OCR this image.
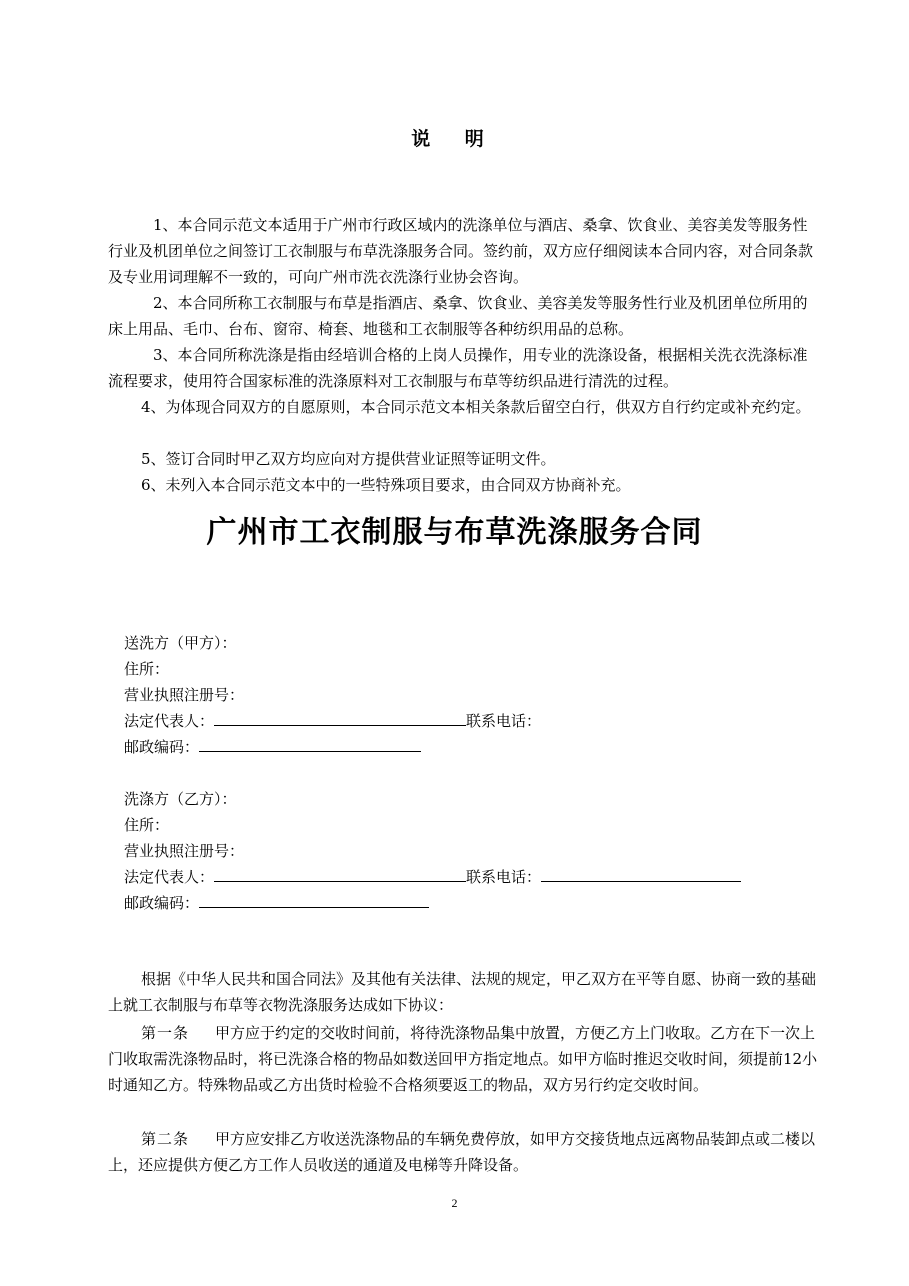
说 明

1、本合同示范文本适用于广州市行政区域内的洗涤单位与酒店、桑拿、饮食业、美容美发等服务性行业及机团单位之间签订工衣制服与布草洗涤服务合同。签约前，双方应仔细阅读本合同内容，对合同条款及专业用词理解不一致的，可向广州市洗衣洗涤行业协会咨询。

2、本合同所称工衣制服与布草是指酒店、桑拿、饮食业、美容美发等服务性行业及机团单位所用的床上用品、毛巾、台布、窗帘、椅套、地毯和工衣制服等各种纺织用品的总称。

3、本合同所称洗涤是指由经培训合格的上岗人员操作，用专业的洗涤设备，根据相关洗衣洗涤标准流程要求，使用符合国家标准的洗涤原料对工衣制服与布草等纺织品进行清洗的过程。

4、为体现合同双方的自愿原则，本合同示范文本相关条款后留空白行，供双方自行约定或补充约定。

5、签订合同时甲乙双方均应向对方提供营业证照等证明文件。

6、未列入本合同示范文本中的一些特殊项目要求，由合同双方协商补充。

广州市工衣制服与布草洗涤服务合同
送洗方（甲方）：
住所：
营业执照注册号：
法定代表人：	联系电话：
邮政编码：
洗涤方（乙方）：
住所：
营业执照注册号：
法定代表人：	联系电话：
邮政编码：

根据《中华人民共和国合同法》及其他有关法律、法规的规定，甲乙双方在平等自愿、协商一致的基础上就工衣制服与布草等衣物洗涤服务达成如下协议：

第一条 甲方应于约定的交收时间前，将待洗涤物品集中放置，方便乙方上门收取。乙方在下一次上门收取需洗涤物品时，将已洗涤合格的物品如数送回甲方指定地点。如甲方临时推迟交收时间，须提前12小时通知乙方。特殊物品或乙方出货时检验不合格须要返工的物品，双方另行约定交收时间。

第二条 甲方应安排乙方收送洗涤物品的车辆免费停放，如甲方交接货地点远离物品装卸点或二楼以上，还应提供方便乙方工作人员收送的通道及电梯等升降设备。

2
